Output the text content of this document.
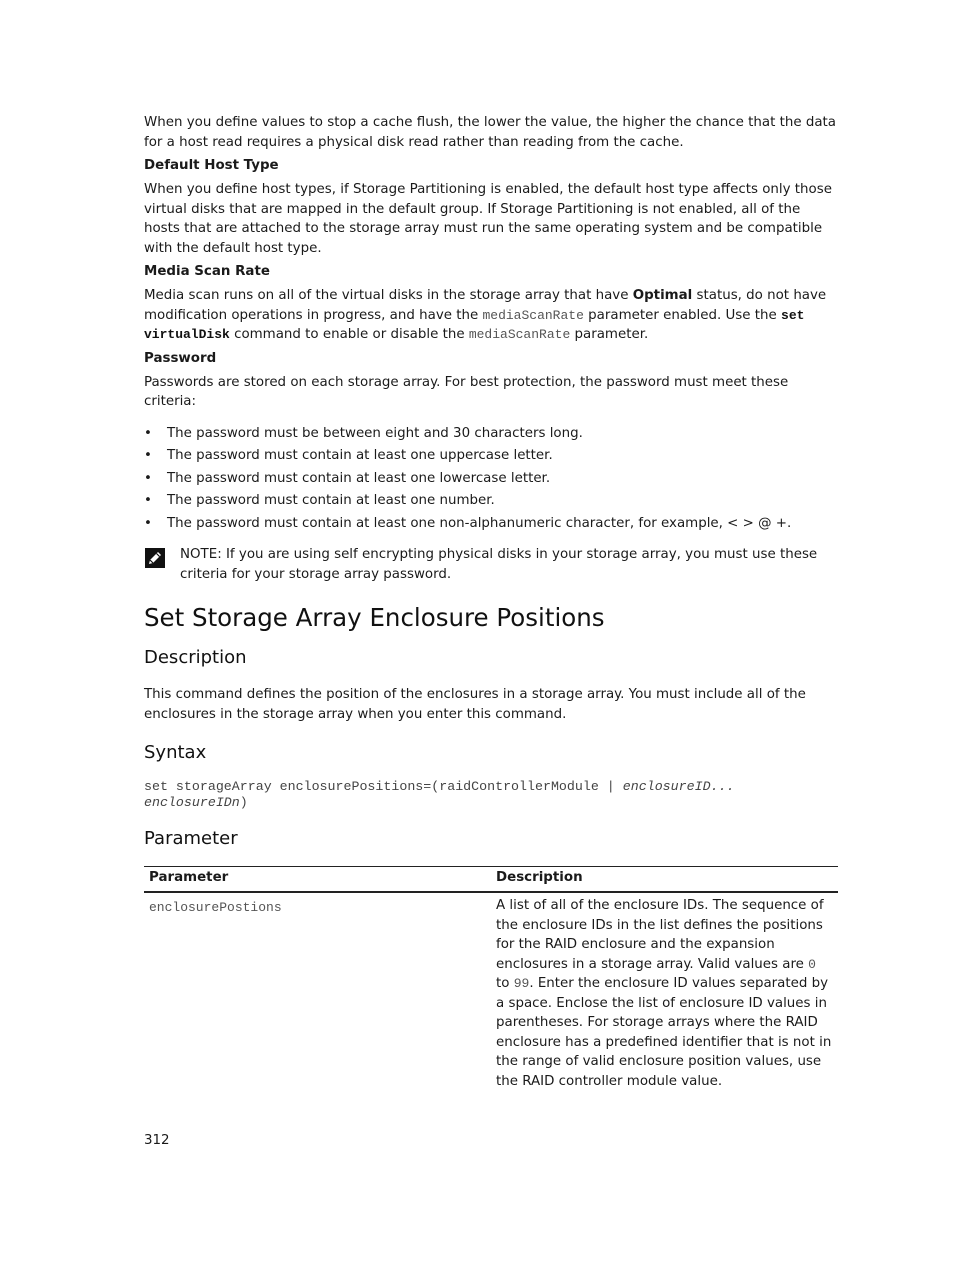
When you define values to stop a cache flush, the lower the value, the higher the chance that the data for a host read requires a physical disk read rather than reading from the cache.

Default Host Type

When you define host types, if Storage Partitioning is enabled, the default host type affects only those virtual disks that are mapped in the default group. If Storage Partitioning is not enabled, all of the hosts that are attached to the storage array must run the same operating system and be compatible with the default host type.

Media Scan Rate

Media scan runs on all of the virtual disks in the storage array that have Optimal status, do not have modification operations in progress, and have the mediaScanRate parameter enabled. Use the set virtualDisk command to enable or disable the mediaScanRate parameter.

Password

Passwords are stored on each storage array. For best protection, the password must meet these criteria:

• The password must be between eight and 30 characters long.
• The password must contain at least one uppercase letter.
• The password must contain at least one lowercase letter.
• The password must contain at least one number.
• The password must contain at least one non-alphanumeric character, for example, < > @ +.
NOTE: If you are using self encrypting physical disks in your storage array, you must use these criteria for your storage array password.
Set Storage Array Enclosure Positions
Description

This command defines the position of the enclosures in a storage array. You must include all of the enclosures in the storage array when you enter this command.

Syntax
set storageArray enclosurePositions=(raidControllerModule | enclosureID...
enclosureIDn)
Parameter
Parameter	Description
enclosurePostions	A list of all of the enclosure IDs. The sequence of the enclosure IDs in the list defines the positions for the RAID enclosure and the expansion enclosures in a storage array. Valid values are 0 to 99. Enter the enclosure ID values separated by a space. Enclose the list of enclosure ID values in parentheses. For storage arrays where the RAID enclosure has a predefined identifier that is not in the range of valid enclosure position values, use the RAID controller module value.
312
